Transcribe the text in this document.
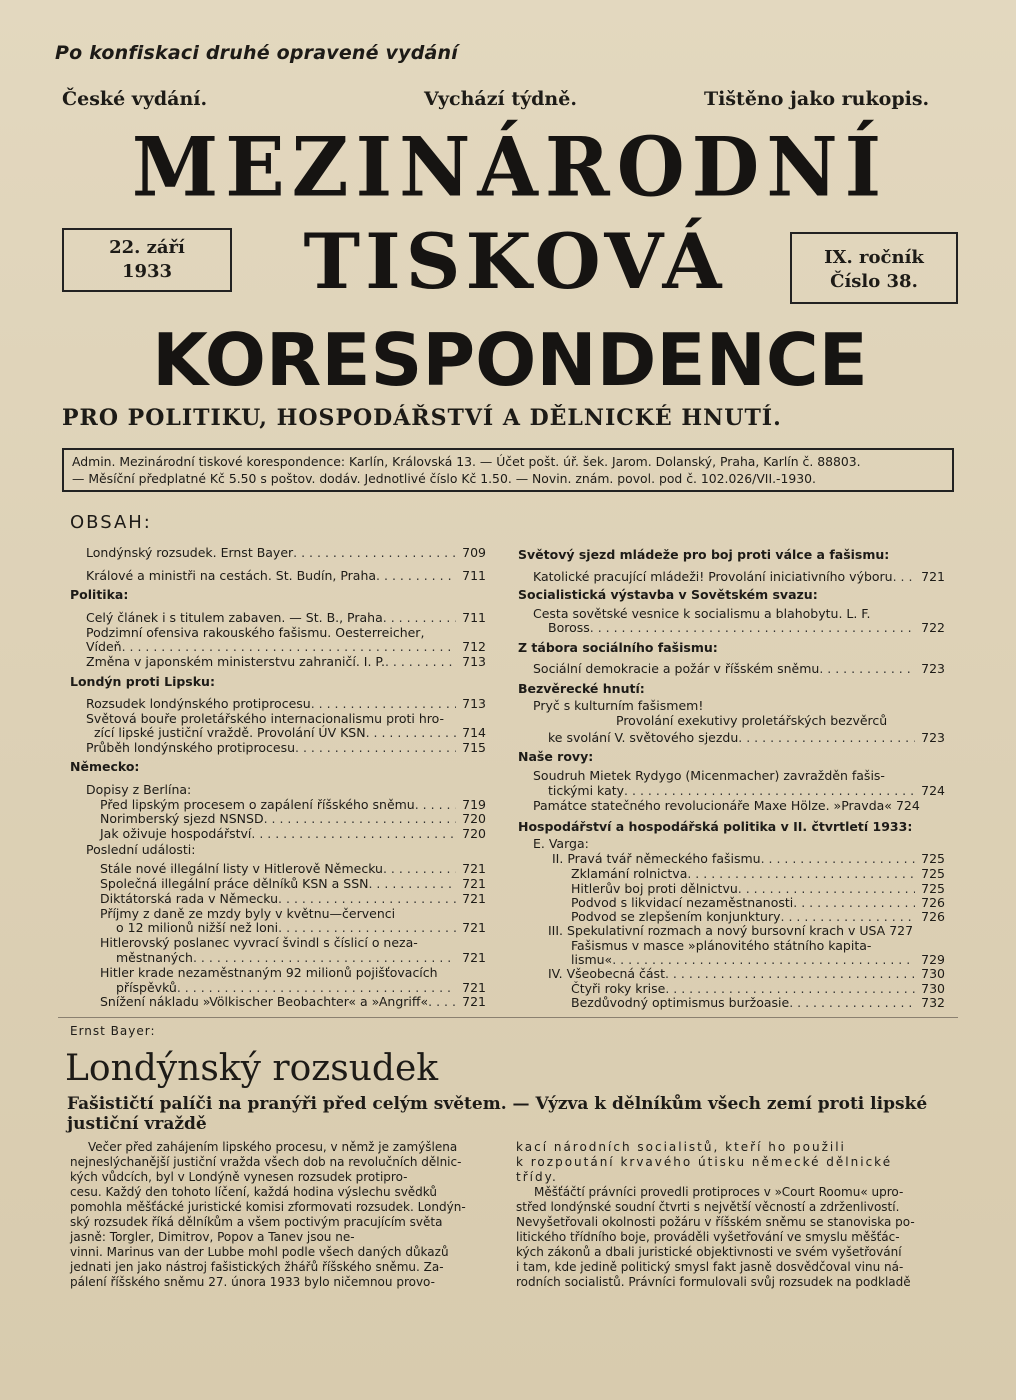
Po konfiskaci druhé opravené vydání
České vydání.	Vychází týdně.	Tištěno jako rukopis.
MEZINÁRODNÍ
TISKOVÁ
KORESPONDENCE
22. září
1933
IX. ročník
Číslo 38.
PRO POLITIKU, HOSPODÁŘSTVÍ A DĚLNICKÉ HNUTÍ.
Admin. Mezinárodní tiskové korespondence: Karlín, Královská 13. — Účet pošt. úř. šek. Jarom. Dolanský, Praha, Karlín č. 88803.
— Měsíční předplatné Kč 5.50 s poštov. dodáv. Jednotlivé číslo Kč 1.50. — Novin. znám. povol. pod č. 102.026/VII.-1930.
OBSAH:
Londýnský rozsudek. Ernst Bayer . . .	709
Králové a ministři na cestách. St. Budín, Praha . . .	711
Politika:
Celý článek i s titulem zabaven. — St. B., Praha . . .	711
Podzimní ofensiva rakouského fašismu. Oesterreicher,
Vídeň . . .	712
Změna v japonském ministerstvu zahraničí. I. P. . . .	713
Londýn proti Lipsku:
Rozsudek londýnského protiprocesu . . .	713
Světová bouře proletářského internacionalismu proti hro-
zící lipské justiční vraždě. Provolání ÚV KSN . . .	714
Průběh londýnského protiprocesu . . .	715
Německo:
Dopisy z Berlína:
Před lipským procesem o zapálení říšského sněmu . . .	719
Norimberský sjezd NSNSD . . .	720
Jak oživuje hospodářství . . .	720
Poslední události:
Stále nové illegální listy v Hitlerově Německu . . .	721
Společná illegální práce dělníků KSN a SSN . . .	721
Diktátorská rada v Německu . . .	721
Příjmy z daně ze mzdy byly v květnu—červenci
o 12 milionů nižší než loni . . .	721
Hitlerovský poslanec vyvrací švindl s číslicí o neza-
městnaných . . .	721
Hitler krade nezaměstnaným 92 milionů pojišťovacích
příspěvků . . .	721
Snížení nákladu »Völkischer Beobachter« a »Angriff« . . .	721
Světový sjezd mládeže pro boj proti válce a fašismu:
Katolické pracující mládeži! Provolání iniciativního výboru . . .	721
Socialistická výstavba v Sovětském svazu:
Cesta sovětské vesnice k socialismu a blahobytu. L. F.
Boross . . .	722
Z tábora sociálního fašismu:
Sociální demokracie a požár v říšském sněmu . . .	723
Bezvěrecké hnutí:
Pryč s kulturním fašismem!
Provolání exekutivy proletářských bezvěrců
ke svolání V. světového sjezdu . . .	723
Naše rovy:
Soudruh Mietek Rydygo (Micenmacher) zavražděn fašis-
tickými katy . . .	724
Památce statečného revolucionáře Maxe Hölze. »Pravda« 724
Hospodářství a hospodářská politika v II. čtvrtletí 1933:
E. Varga:
II. Pravá tvář německého fašismu . . .	725
Zklamání rolnictva . . .	725
Hitlerův boj proti dělnictvu . . .	725
Podvod s likvidací nezaměstnanosti . . .	726
Podvod se zlepšením konjunktury . . .	726
III. Spekulativní rozmach a nový bursovní krach v USA 727
Fašismus v masce »plánovitého státního kapita-
lismu« . . .	729
IV. Všeobecná část . . .	730
Čtyři roky krise . . .	730
Bezdůvodný optimismus buržoasie . . .	732
Ernst Bayer:
Londýnský rozsudek
Fašističtí palíči na pranýři před celým světem. — Výzva k dělníkům všech zemí proti lipské justiční vraždě

Večer před zahájením lipského procesu, v němž je zamýšlena

nejneslýchanější justiční vražda všech dob na revolučních dělnic-

kých vůdcích, byl v Londýně vynesen rozsudek protipro-

cesu. Každý den tohoto líčení, každá hodina výslechu svědků

pomohla měšťácké juristické komisi zformovati rozsudek. Londýn-

ský rozsudek říká dělníkům a všem poctivým pracujícím světa

jasně: Torgler, Dimitrov, Popov a Tanev jsou ne-

vinni. Marinus van der Lubbe mohl podle všech daných důkazů

jednati jen jako nástroj fašistických žhářů říšského sněmu. Za-

pálení říšského sněmu 27. února 1933 bylo ničemnou provo-

kací národních socialistů, kteří ho použili

k rozpoutání krvavého útisku německé dělnické

třídy.

Měšťáčtí právníci provedli protiproces v »Court Roomu« upro-

střed londýnské soudní čtvrti s největší věcností a zdrženlivostí.

Nevyšetřovali okolnosti požáru v říšském sněmu se stanoviska po-

litického třídního boje, prováděli vyšetřování ve smyslu měšťác-

kých zákonů a dbali juristické objektivnosti ve svém vyšetřování

i tam, kde jedině politický smysl fakt jasně dosvědčoval vinu ná-

rodních socialistů. Právníci formulovali svůj rozsudek na podkladě
